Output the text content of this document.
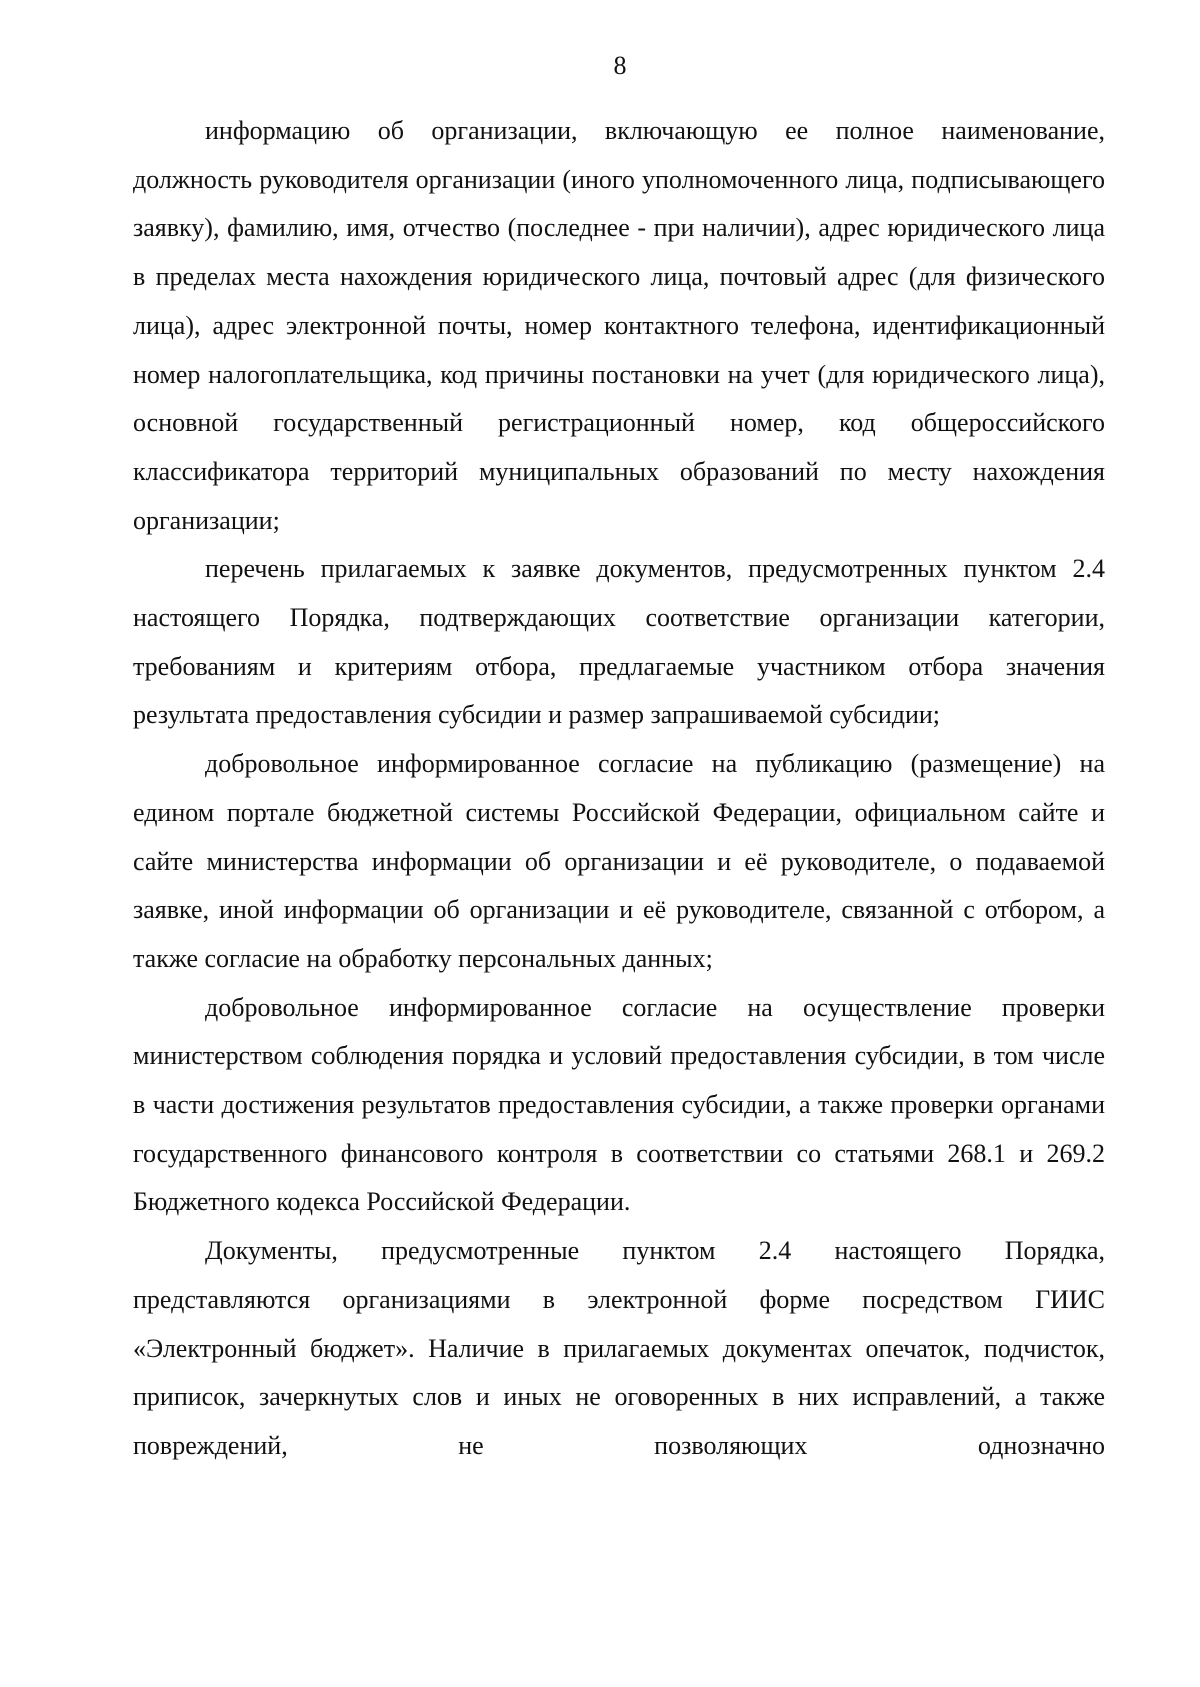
8

информацию об организации, включающую ее полное наименование, должность руководителя организации (иного уполномоченного лица, подписывающего заявку), фамилию, имя, отчество (последнее - при наличии), адрес юридического лица в пределах места нахождения юридического лица, почтовый адрес (для физического лица), адрес электронной почты, номер контактного телефона, идентификационный номер налогоплательщика, код причины постановки на учет (для юридического лица), основной государственный регистрационный номер, код общероссийского классификатора территорий муниципальных образований по месту нахождения организации;

перечень прилагаемых к заявке документов, предусмотренных пунктом 2.4 настоящего Порядка, подтверждающих соответствие организации категории, требованиям и критериям отбора, предлагаемые участником отбора значения результата предоставления субсидии и размер запрашиваемой субсидии;

добровольное информированное согласие на публикацию (размещение) на едином портале бюджетной системы Российской Федерации, официальном сайте и сайте министерства информации об организации и её руководителе, о подаваемой заявке, иной информации об организации и её руководителе, связанной с отбором, а также согласие на обработку персональных данных;

добровольное информированное согласие на осуществление проверки министерством соблюдения порядка и условий предоставления субсидии, в том числе в части достижения результатов предоставления субсидии, а также проверки органами государственного финансового контроля в соответствии со статьями 268.1 и 269.2 Бюджетного кодекса Российской Федерации.

Документы, предусмотренные пунктом 2.4 настоящего Порядка, представляются организациями в электронной форме посредством ГИИС «Электронный бюджет». Наличие в прилагаемых документах опечаток, подчисток, приписок, зачеркнутых слов и иных не оговоренных в них исправлений, а также повреждений, не позволяющих однозначно
